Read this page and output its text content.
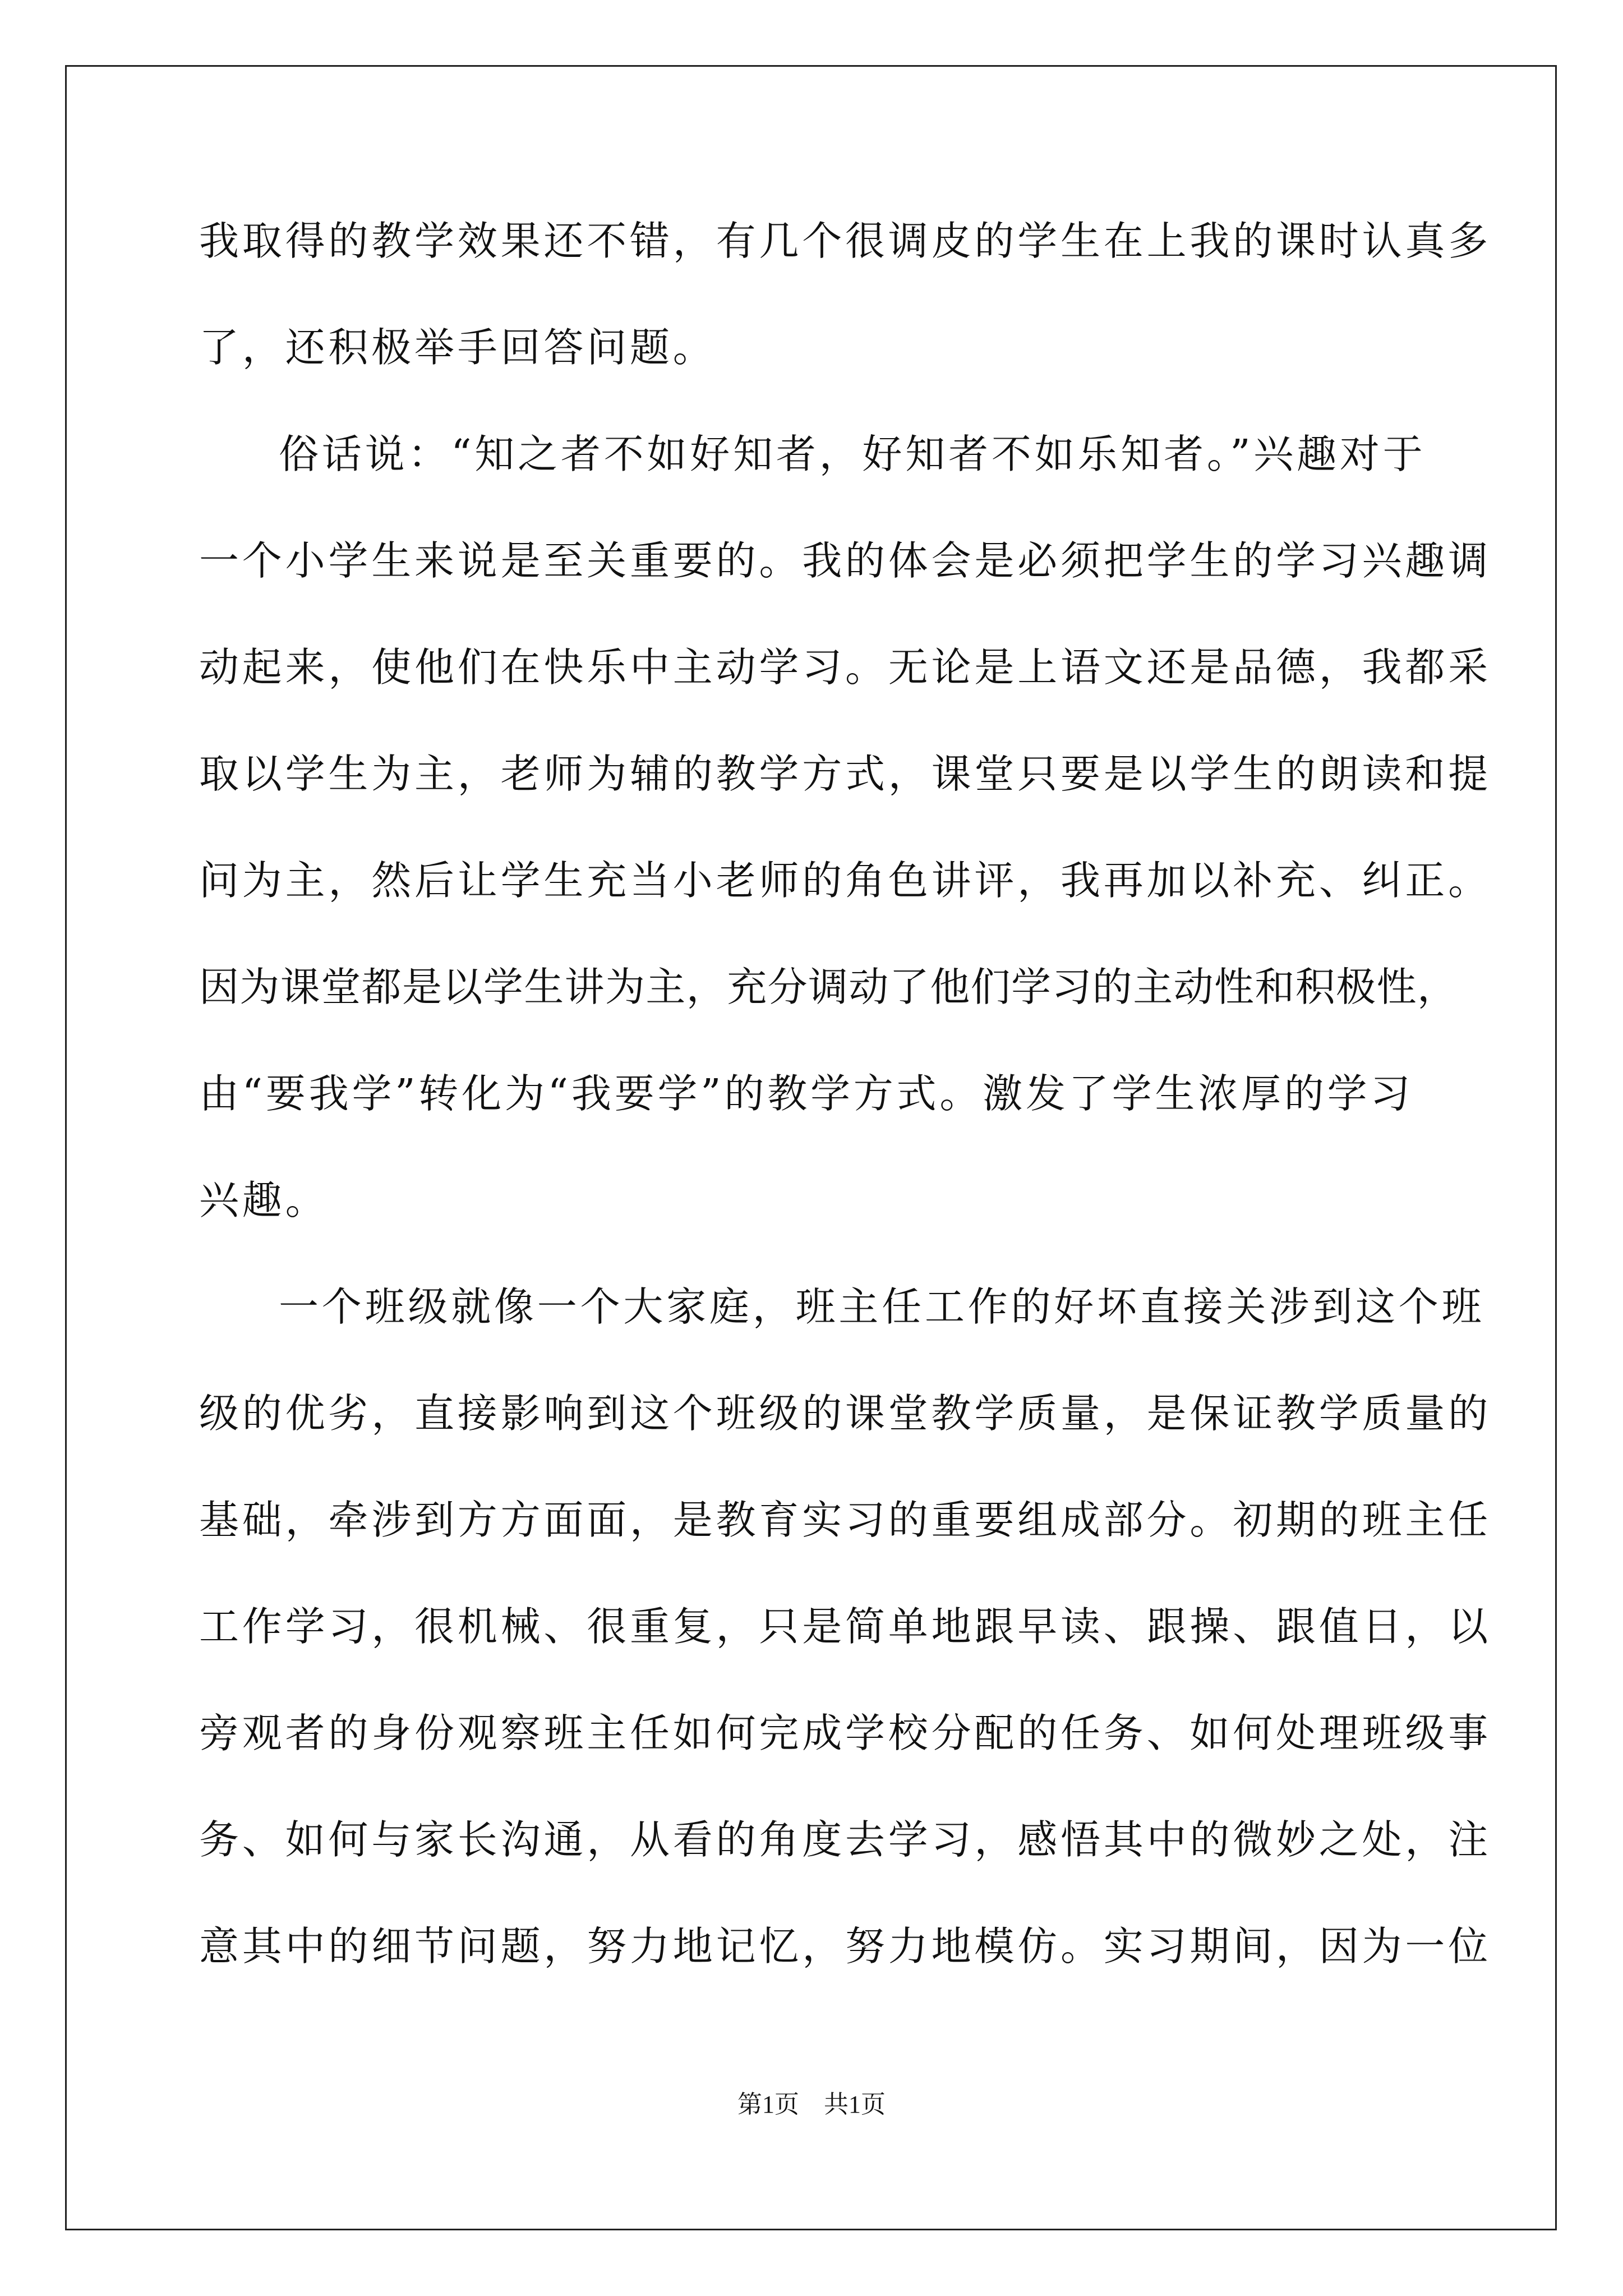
我取得的教学效果还不错，有几个很调皮的学生在上我的课时认真多
了，还积极举手回答问题。
俗话说：“知之者不如好知者，好知者不如乐知者。”兴趣对于
一个小学生来说是至关重要的。我的体会是必须把学生的学习兴趣调
动起来，使他们在快乐中主动学习。无论是上语文还是品德，我都采
取以学生为主，老师为辅的教学方式，课堂只要是以学生的朗读和提
问为主，然后让学生充当小老师的角色讲评，我再加以补充、纠正。
因为课堂都是以学生讲为主，充分调动了他们学习的主动性和积极性，
由“要我学”转化为“我要学”的教学方式。激发了学生浓厚的学习
兴趣。
一个班级就像一个大家庭，班主任工作的好坏直接关涉到这个班
级的优劣，直接影响到这个班级的课堂教学质量，是保证教学质量的
基础，牵涉到方方面面，是教育实习的重要组成部分。初期的班主任
工作学习，很机械、很重复，只是简单地跟早读、跟操、跟值日，以
旁观者的身份观察班主任如何完成学校分配的任务、如何处理班级事
务、如何与家长沟通，从看的角度去学习，感悟其中的微妙之处，注
意其中的细节问题，努力地记忆，努力地模仿。实习期间，因为一位
第1页　共1页
